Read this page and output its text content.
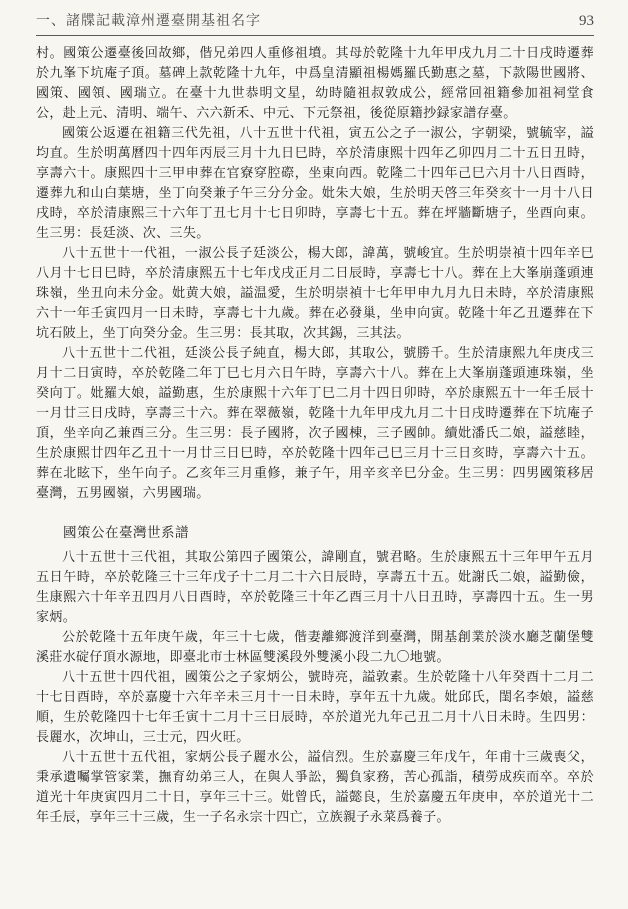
一、諸牒記載漳州遷臺開基祖名字	93

村。國策公遷臺後回故鄉，偕兄弟四人重修祖墳。其母於乾隆十九年甲戌九月二十日戌時遷葬於九峯下坑庵子頂。墓碑上款乾隆十九年，中爲皇清顯祖楊媽羅氏勤惠之墓，下款陽世國將、國策、國領、國瑞立。在臺十九世恭明文星，幼時隨祖叔敦成公，經常回祖籍參加祖祠堂食公，赴上元、清明、端午、六六新禾、中元、下元祭祖，後從原籍抄録家譜存臺。

國策公返遷在祖籍三代先祖，八十五世十代祖，寅五公之子一淑公，字朝梁，號毓宰，謚均直。生於明萬曆四十四年丙辰三月十九日巳時，卒於清康熙十四年乙卯四月二十五日丑時，享壽六十。康熙四十三甲申葬在官寮穿腔磜，坐東向西。乾隆二十四年己巳六月十八日酉時，遷葬九和山白葉塘，坐丁向癸兼子午三分分金。妣朱大娘，生於明天啓三年癸亥十一月十八日戌時，卒於清康熙三十六年丁丑七月十七日卯時，享壽七十五。葬在坪牆斷塘子，坐酉向東。生三男：長廷淡、次、三失。

八十五世十一代祖，一淑公長子廷淡公，楊大郎，諱萬，號峻宜。生於明崇禎十四年辛巳八月十七日巳時，卒於清康熙五十七年戊戌正月二日辰時，享壽七十八。葬在上大峯崩蓬頭連珠嶺，坐丑向未分金。妣黄大娘，謚温愛，生於明崇禎十七年甲申九月九日未時，卒於清康熙六十一年壬寅四月一日未時，享壽七十九歲。葬在必發巢，坐申向寅。乾隆十年乙丑遷葬在下坑石陂上，坐丁向癸分金。生三男：長其取，次其錫，三其法。

八十五世十二代祖，廷淡公長子純直，楊大郎，其取公，號勝千。生於清康熙九年庚戌三月十二日寅時，卒於乾隆二年丁巳七月六日午時，享壽六十八。葬在上大峯崩蓬頭連珠嶺，坐癸向丁。妣羅大娘，謚勤惠，生於康熙十六年丁巳二月十四日卯時，卒於康熙五十一年壬辰十一月廿三日戌時，享壽三十六。葬在翠薇嶺，乾隆十九年甲戌九月二十日戌時遷葬在下坑庵子頂，坐辛向乙兼酉三分。生三男：長子國將，次子國棟，三子國帥。續妣潘氏二娘，謚慈睦，生於康熙廿四年乙丑十一月廿三日巳時，卒於乾隆十四年己巳三月十三日亥時，享壽六十五。葬在北眩下，坐午向子。乙亥年三月重修，兼子午，用辛亥辛巳分金。生三男：四男國策移居臺灣，五男國嶺，六男國瑞。

國策公在臺灣世系譜

八十五世十三代祖，其取公第四子國策公，諱剛直，號君略。生於康熙五十三年甲午五月五日午時，卒於乾隆三十三年戊子十二月二十六日辰時，享壽五十五。妣謝氏二娘，謚勤儉，生康熙六十年辛丑四月八日酉時，卒於乾隆三十年乙酉三月十八日丑時，享壽四十五。生一男家炳。

公於乾隆十五年庚午歲，年三十七歲，偕妻離鄉渡洋到臺灣，開基創業於淡水廳芝蘭堡雙溪莊水碇仔頂水源地，即臺北市士林區雙溪段外雙溪小段二九〇地號。

八十五世十四代祖，國策公之子家炳公，號時亮，謚敦素。生於乾隆十八年癸酉十二月二十七日酉時，卒於嘉慶十六年辛未三月十一日未時，享年五十九歲。妣邱氏，閨名李娘，謚慈順，生於乾隆四十七年壬寅十二月十三日辰時，卒於道光九年己丑二月十八日未時。生四男：長麗水，次坤山，三士元，四火旺。

八十五世十五代祖，家炳公長子麗水公，謚信烈。生於嘉慶三年戊午，年甫十三歲喪父，秉承遺囑掌管家業，撫育幼弟三人，在與人爭訟，獨負家務，苦心孤詣，積勞成疾而卒。卒於道光十年庚寅四月二十日，享年三十三。妣曾氏，謚懿良，生於嘉慶五年庚申，卒於道光十二年壬辰，享年三十三歲，生一子名永宗十四亡，立族親子永菜爲養子。
